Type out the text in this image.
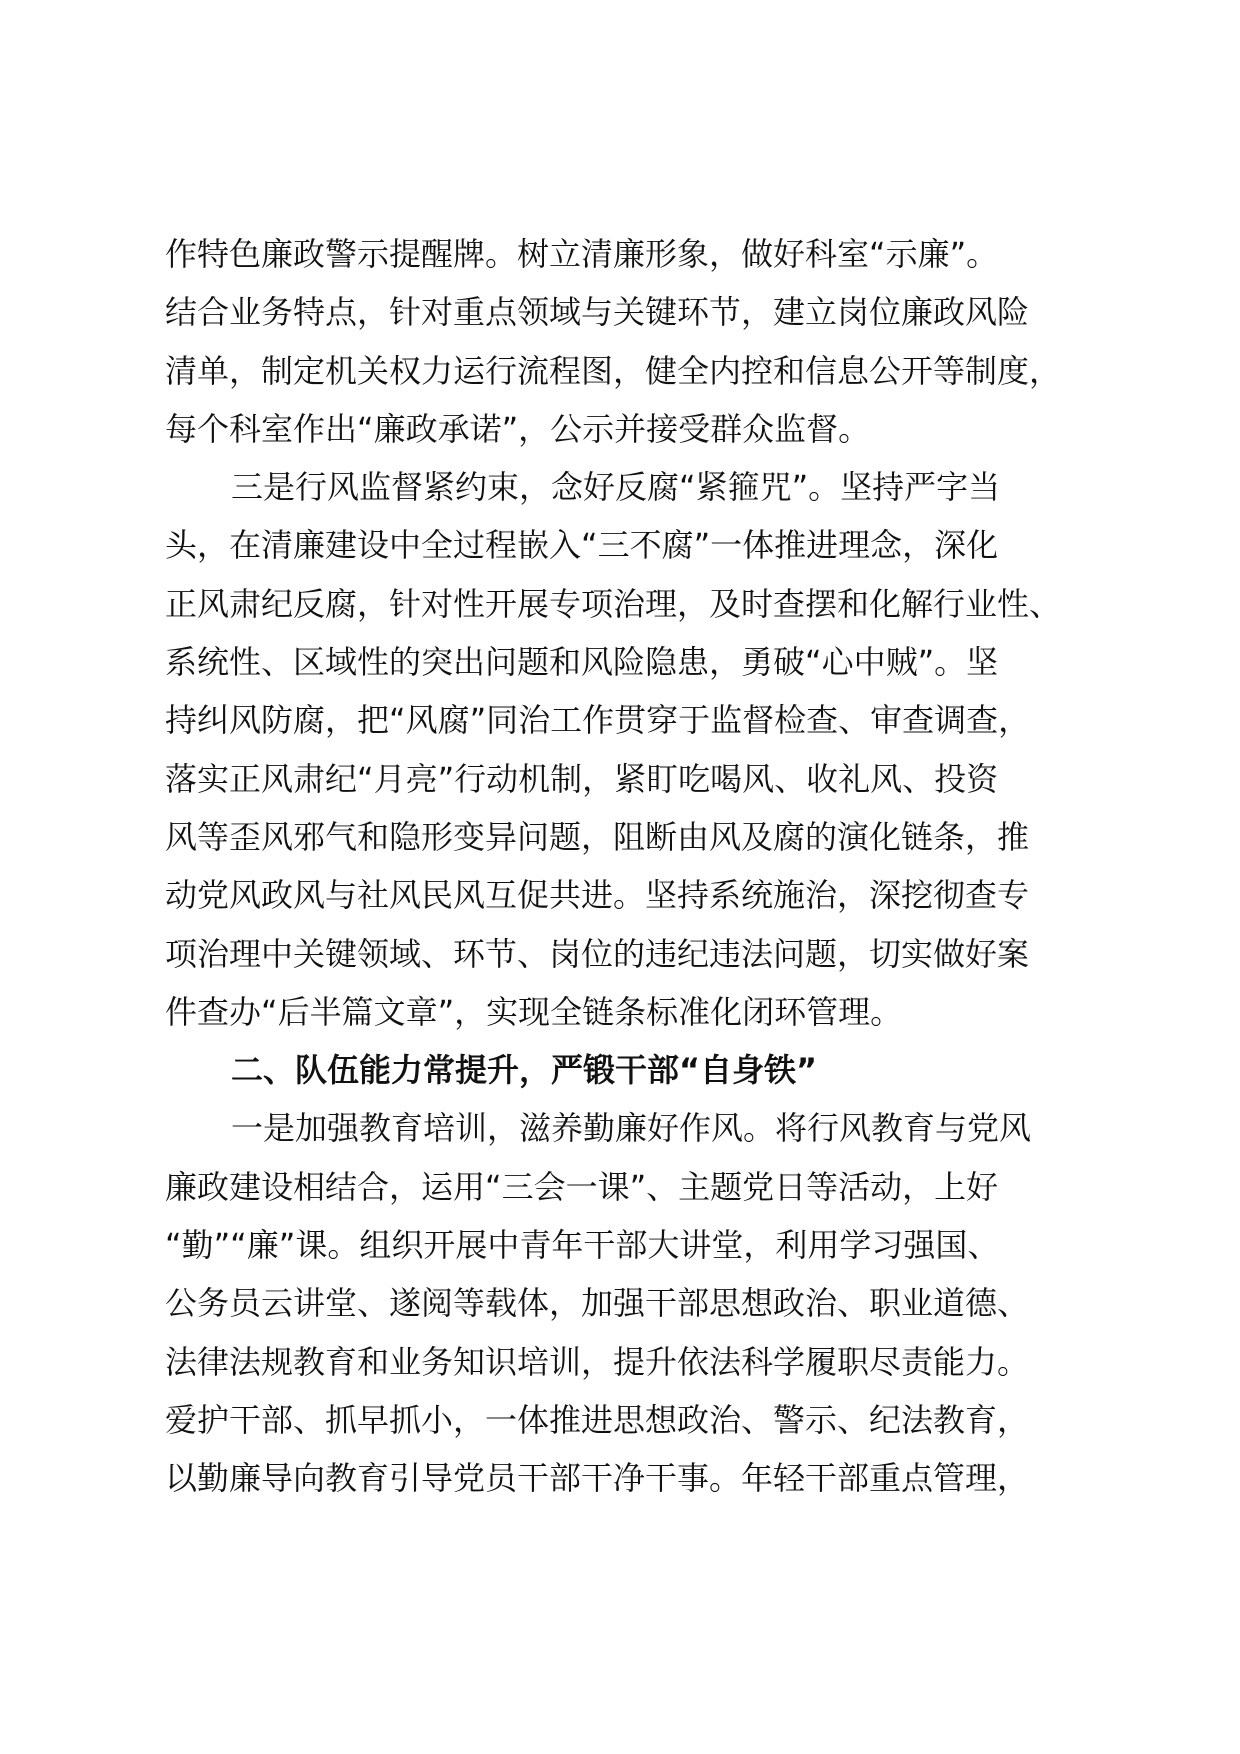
作特色廉政警示提醒牌。树立清廉形象，做好科室“示廉”。
结合业务特点，针对重点领域与关键环节，建立岗位廉政风险
清单，制定机关权力运行流程图，健全内控和信息公开等制度，
每个科室作出“廉政承诺”，公示并接受群众监督。
三是行风监督紧约束，念好反腐“紧箍咒”。坚持严字当
头，在清廉建设中全过程嵌入“三不腐”一体推进理念，深化
正风肃纪反腐，针对性开展专项治理，及时查摆和化解行业性、
系统性、区域性的突出问题和风险隐患，勇破“心中贼”。坚
持纠风防腐，把“风腐”同治工作贯穿于监督检查、审查调查，
落实正风肃纪“月亮”行动机制，紧盯吃喝风、收礼风、投资
风等歪风邪气和隐形变异问题，阻断由风及腐的演化链条，推
动党风政风与社风民风互促共进。坚持系统施治，深挖彻查专
项治理中关键领域、环节、岗位的违纪违法问题，切实做好案
件查办“后半篇文章”，实现全链条标准化闭环管理。
二、队伍能力常提升，严锻干部“自身铁”
一是加强教育培训，滋养勤廉好作风。将行风教育与党风
廉政建设相结合，运用“三会一课”、主题党日等活动，上好
“勤”“廉”课。组织开展中青年干部大讲堂，利用学习强国、
公务员云讲堂、遂阅等载体，加强干部思想政治、职业道德、
法律法规教育和业务知识培训，提升依法科学履职尽责能力。
爱护干部、抓早抓小，一体推进思想政治、警示、纪法教育，
以勤廉导向教育引导党员干部干净干事。年轻干部重点管理，
